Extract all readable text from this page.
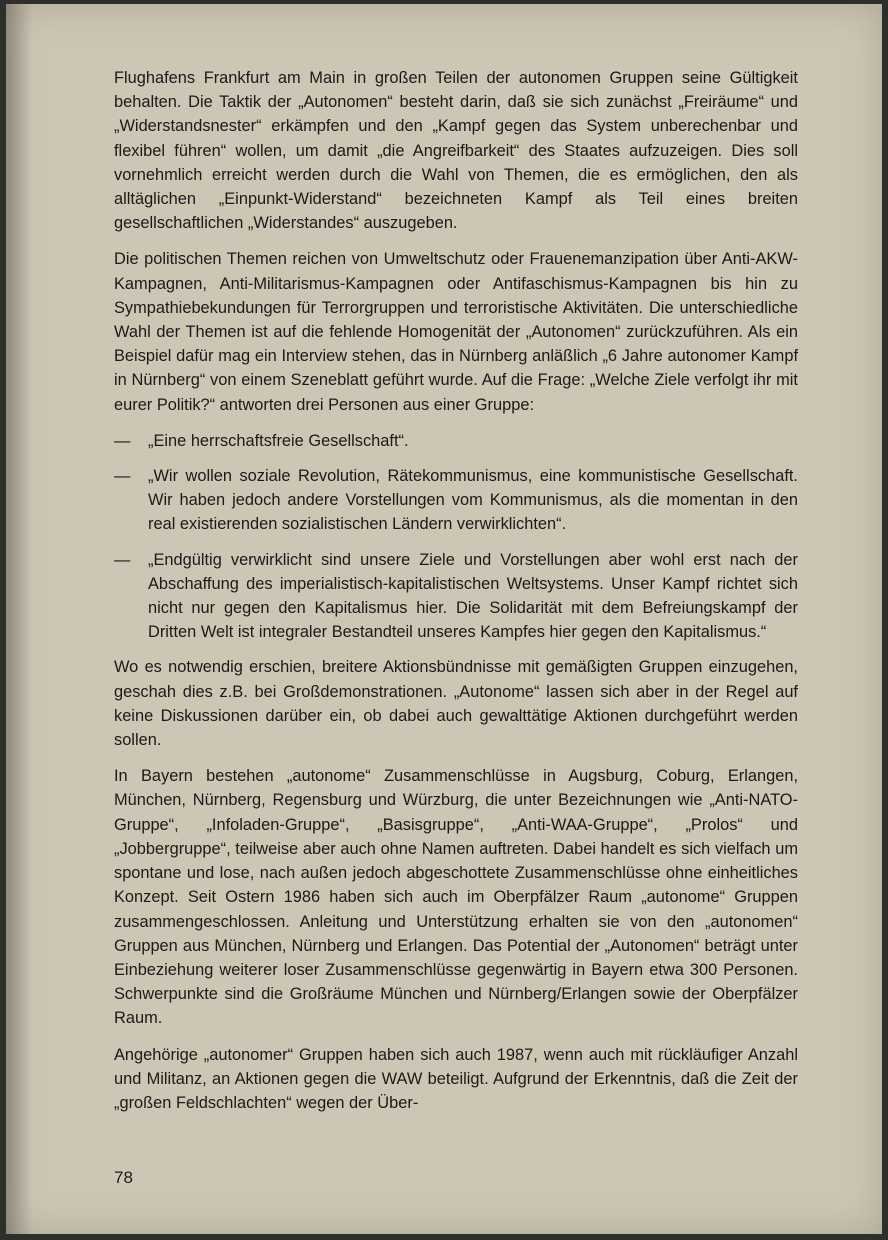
Flughafens Frankfurt am Main in großen Teilen der autonomen Gruppen seine Gültigkeit behalten. Die Taktik der „Autonomen“ besteht darin, daß sie sich zunächst „Freiräume“ und „Widerstandsnester“ erkämpfen und den „Kampf gegen das System unberechenbar und flexibel führen“ wollen, um damit „die Angreifbarkeit“ des Staates aufzuzeigen. Dies soll vornehmlich erreicht werden durch die Wahl von Themen, die es ermöglichen, den als alltäglichen „Einpunkt-Widerstand“ bezeichneten Kampf als Teil eines breiten gesellschaftlichen „Widerstandes“ auszugeben.

Die politischen Themen reichen von Umweltschutz oder Frauenemanzipation über Anti-AKW-Kampagnen, Anti-Militarismus-Kampagnen oder Antifaschismus-Kampagnen bis hin zu Sympathiebekundungen für Terrorgruppen und terroristische Aktivitäten. Die unterschiedliche Wahl der Themen ist auf die fehlende Homogenität der „Autonomen“ zurückzuführen. Als ein Beispiel dafür mag ein Interview stehen, das in Nürnberg anläßlich „6 Jahre autonomer Kampf in Nürnberg“ von einem Szeneblatt geführt wurde. Auf die Frage: „Welche Ziele verfolgt ihr mit eurer Politik?“ antworten drei Personen aus einer Gruppe:

— „Eine herrschaftsfreie Gesellschaft“.
— „Wir wollen soziale Revolution, Rätekommunismus, eine kommunistische Gesellschaft. Wir haben jedoch andere Vorstellungen vom Kommunismus, als die momentan in den real existierenden sozialistischen Ländern verwirklichten“.
— „Endgültig verwirklicht sind unsere Ziele und Vorstellungen aber wohl erst nach der Abschaffung des imperialistisch-kapitalistischen Weltsystems. Unser Kampf richtet sich nicht nur gegen den Kapitalismus hier. Die Solidarität mit dem Befreiungskampf der Dritten Welt ist integraler Bestandteil unseres Kampfes hier gegen den Kapitalismus.“

Wo es notwendig erschien, breitere Aktionsbündnisse mit gemäßigten Gruppen einzugehen, geschah dies z.B. bei Großdemonstrationen. „Autonome“ lassen sich aber in der Regel auf keine Diskussionen darüber ein, ob dabei auch gewalttätige Aktionen durchgeführt werden sollen.

In Bayern bestehen „autonome“ Zusammenschlüsse in Augsburg, Coburg, Erlangen, München, Nürnberg, Regensburg und Würzburg, die unter Bezeichnungen wie „Anti-NATO-Gruppe“, „Infoladen-Gruppe“, „Basisgruppe“, „Anti-WAA-Gruppe“, „Prolos“ und „Jobbergruppe“, teilweise aber auch ohne Namen auftreten. Dabei handelt es sich vielfach um spontane und lose, nach außen jedoch abgeschottete Zusammenschlüsse ohne einheitliches Konzept. Seit Ostern 1986 haben sich auch im Oberpfälzer Raum „autonome“ Gruppen zusammengeschlossen. Anleitung und Unterstützung erhalten sie von den „autonomen“ Gruppen aus München, Nürnberg und Erlangen. Das Potential der „Autonomen“ beträgt unter Einbeziehung weiterer loser Zusammenschlüsse gegenwärtig in Bayern etwa 300 Personen. Schwerpunkte sind die Großräume München und Nürnberg/Erlangen sowie der Oberpfälzer Raum.

Angehörige „autonomer“ Gruppen haben sich auch 1987, wenn auch mit rückläufiger Anzahl und Militanz, an Aktionen gegen die WAW beteiligt. Aufgrund der Erkenntnis, daß die Zeit der „großen Feldschlachten“ wegen der Über-

78
